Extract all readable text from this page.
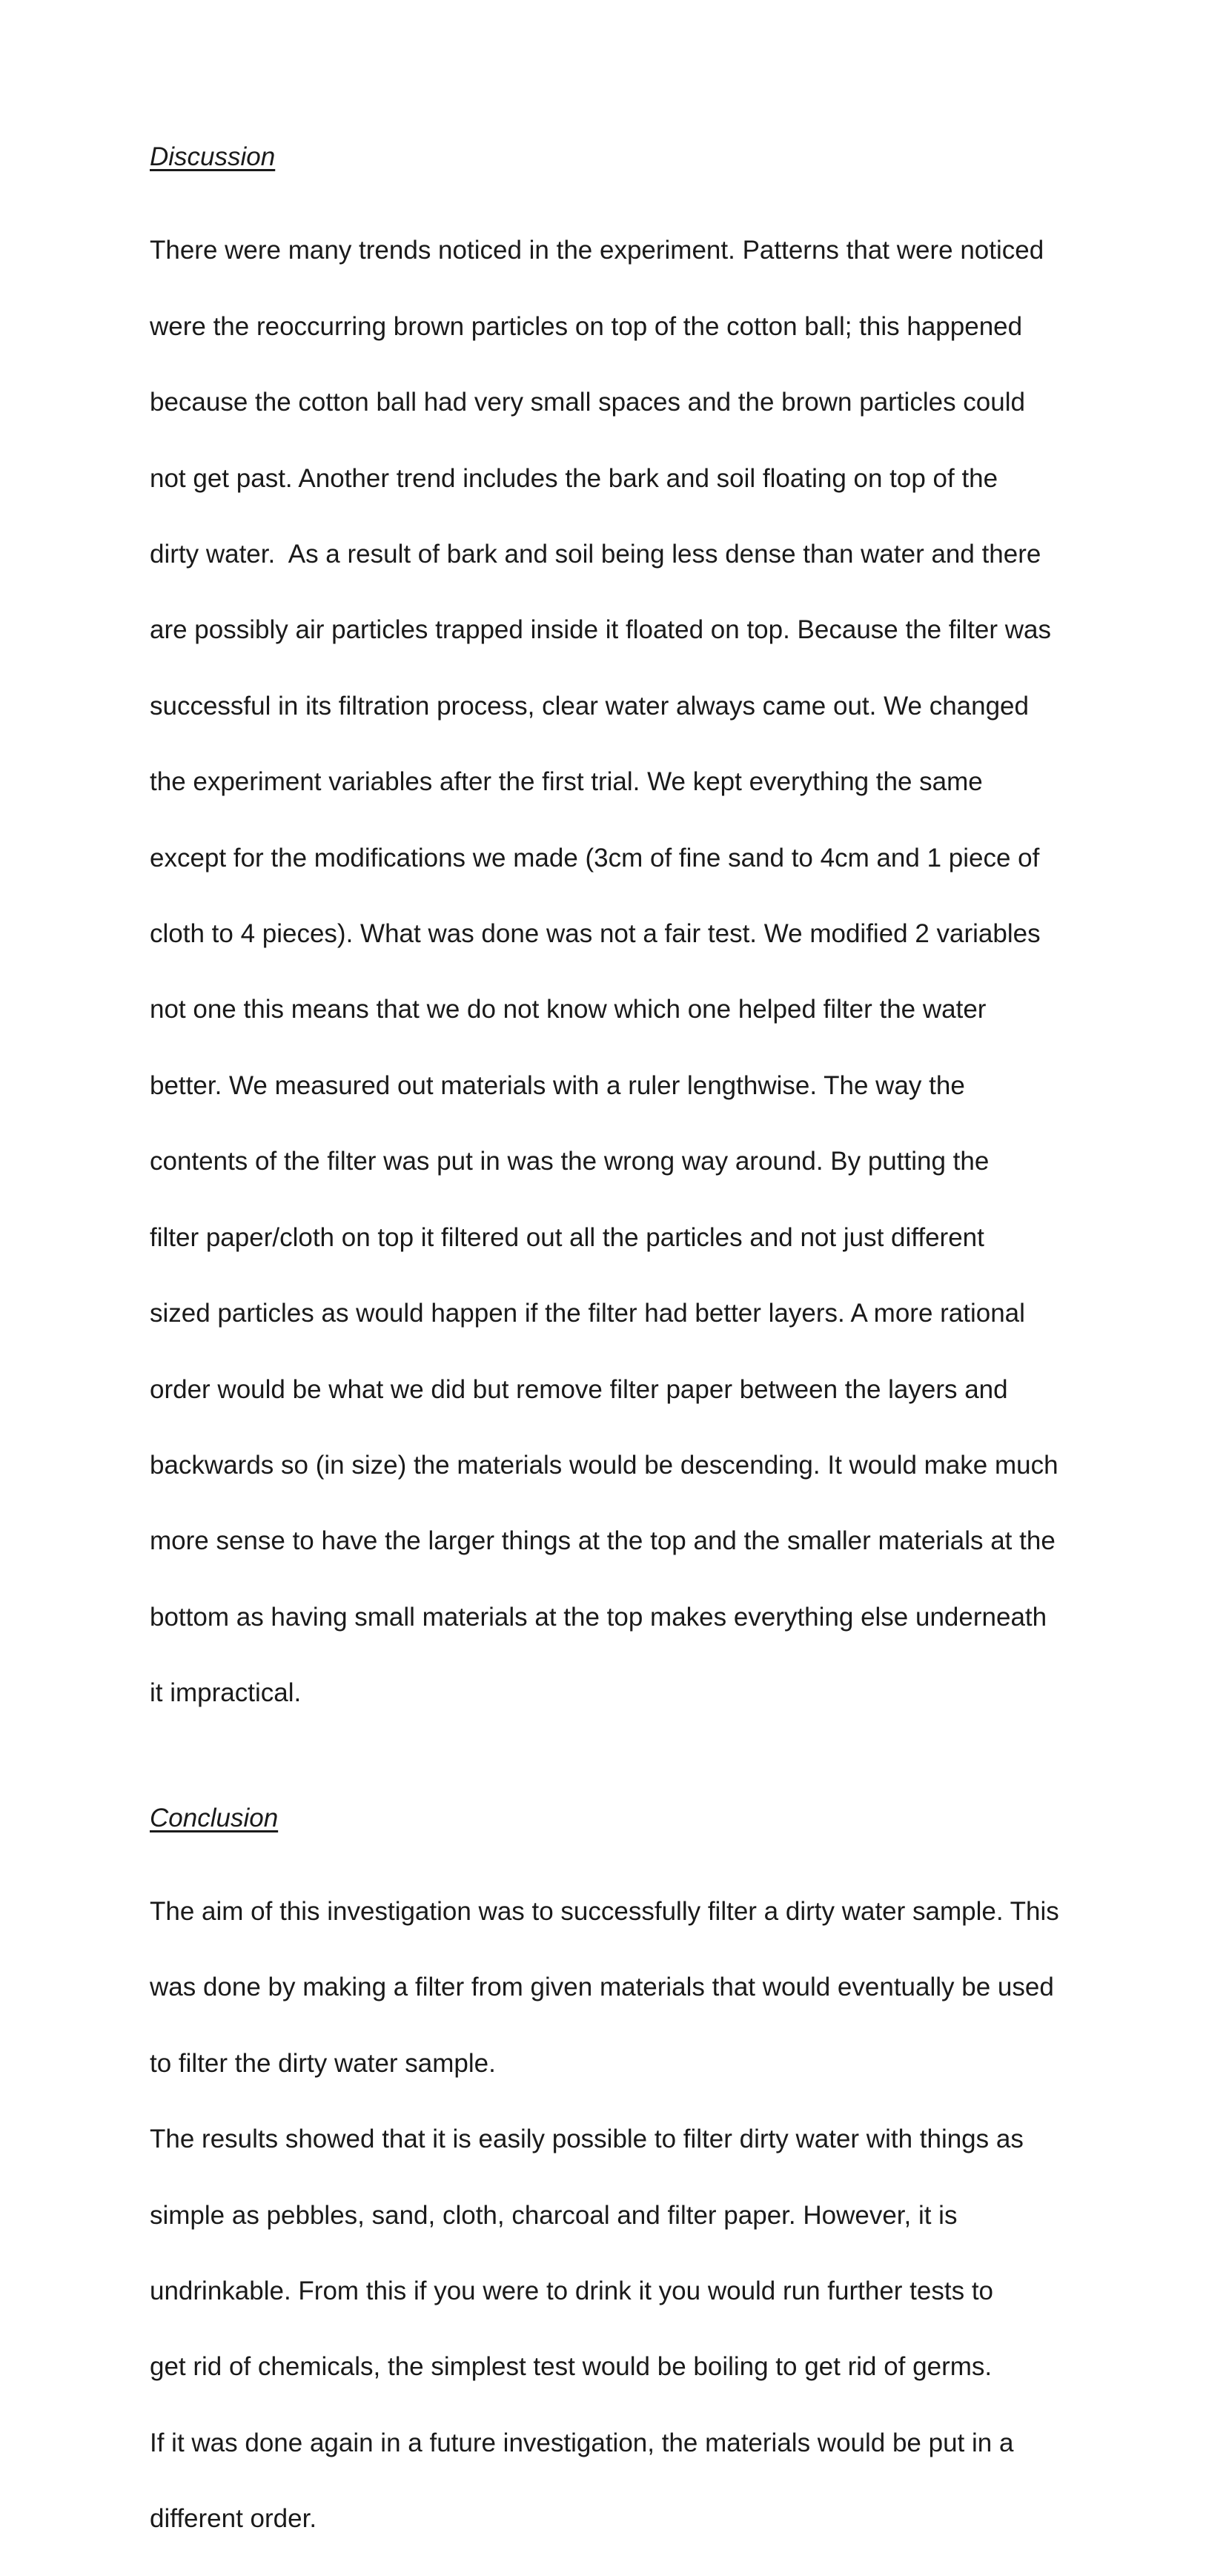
Discussion

There were many trends noticed in the experiment. Patterns that were noticed

were the reoccurring brown particles on top of the cotton ball; this happened

because the cotton ball had very small spaces and the brown particles could

not get past. Another trend includes the bark and soil floating on top of the

dirty water.  As a result of bark and soil being less dense than water and there

are possibly air particles trapped inside it floated on top. Because the filter was

successful in its filtration process, clear water always came out. We changed

the experiment variables after the first trial. We kept everything the same

except for the modifications we made (3cm of fine sand to 4cm and 1 piece of

cloth to 4 pieces). What was done was not a fair test. We modified 2 variables

not one this means that we do not know which one helped filter the water

better. We measured out materials with a ruler lengthwise. The way the

contents of the filter was put in was the wrong way around. By putting the

filter paper/cloth on top it filtered out all the particles and not just different

sized particles as would happen if the filter had better layers. A more rational

order would be what we did but remove filter paper between the layers and

backwards so (in size) the materials would be descending. It would make much

more sense to have the larger things at the top and the smaller materials at the

bottom as having small materials at the top makes everything else underneath

it impractical.

Conclusion

The aim of this investigation was to successfully filter a dirty water sample. This

was done by making a filter from given materials that would eventually be used

to filter the dirty water sample.

The results showed that it is easily possible to filter dirty water with things as

simple as pebbles, sand, cloth, charcoal and filter paper. However, it is

undrinkable. From this if you were to drink it you would run further tests to

get rid of chemicals, the simplest test would be boiling to get rid of germs.

If it was done again in a future investigation, the materials would be put in a

different order.
